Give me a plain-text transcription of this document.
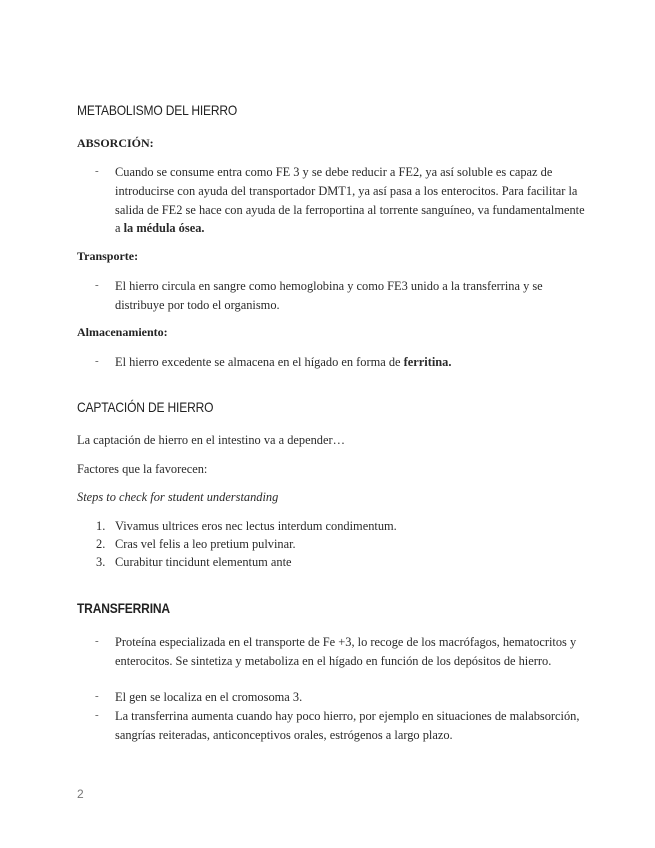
METABOLISMO DEL HIERRO
ABSORCIÓN:
- Cuando se consume entra como FE 3 y se debe reducir a FE2, ya así soluble es capaz de introducirse con ayuda del transportador DMT1, ya así pasa a los enterocitos. Para facilitar la salida de FE2 se hace con ayuda de la ferroportina al torrente sanguíneo, va fundamentalmente a la médula ósea.
Transporte:
- El hierro circula en sangre como hemoglobina y como FE3 unido a la transferrina y se distribuye por todo el organismo.
Almacenamiento:
- El hierro excedente se almacena en el hígado en forma de ferritina.
CAPTACIÓN DE HIERRO
La captación de hierro en el intestino va a depender…
Factores que la favorecen:
Steps to check for student understanding
1. Vivamus ultrices eros nec lectus interdum condimentum.
2. Cras vel felis a leo pretium pulvinar.
3. Curabitur tincidunt elementum ante
TRANSFERRINA
- Proteína especializada en el transporte de Fe +3, lo recoge de los macrófagos, hematocritos y enterocitos. Se sintetiza y metaboliza en el hígado en función de los depósitos de hierro.
- El gen se localiza en el cromosoma 3.
- La transferrina aumenta cuando hay poco hierro, por ejemplo en situaciones de malabsorción, sangrías reiteradas, anticonceptivos orales, estrógenos a largo plazo.
2
